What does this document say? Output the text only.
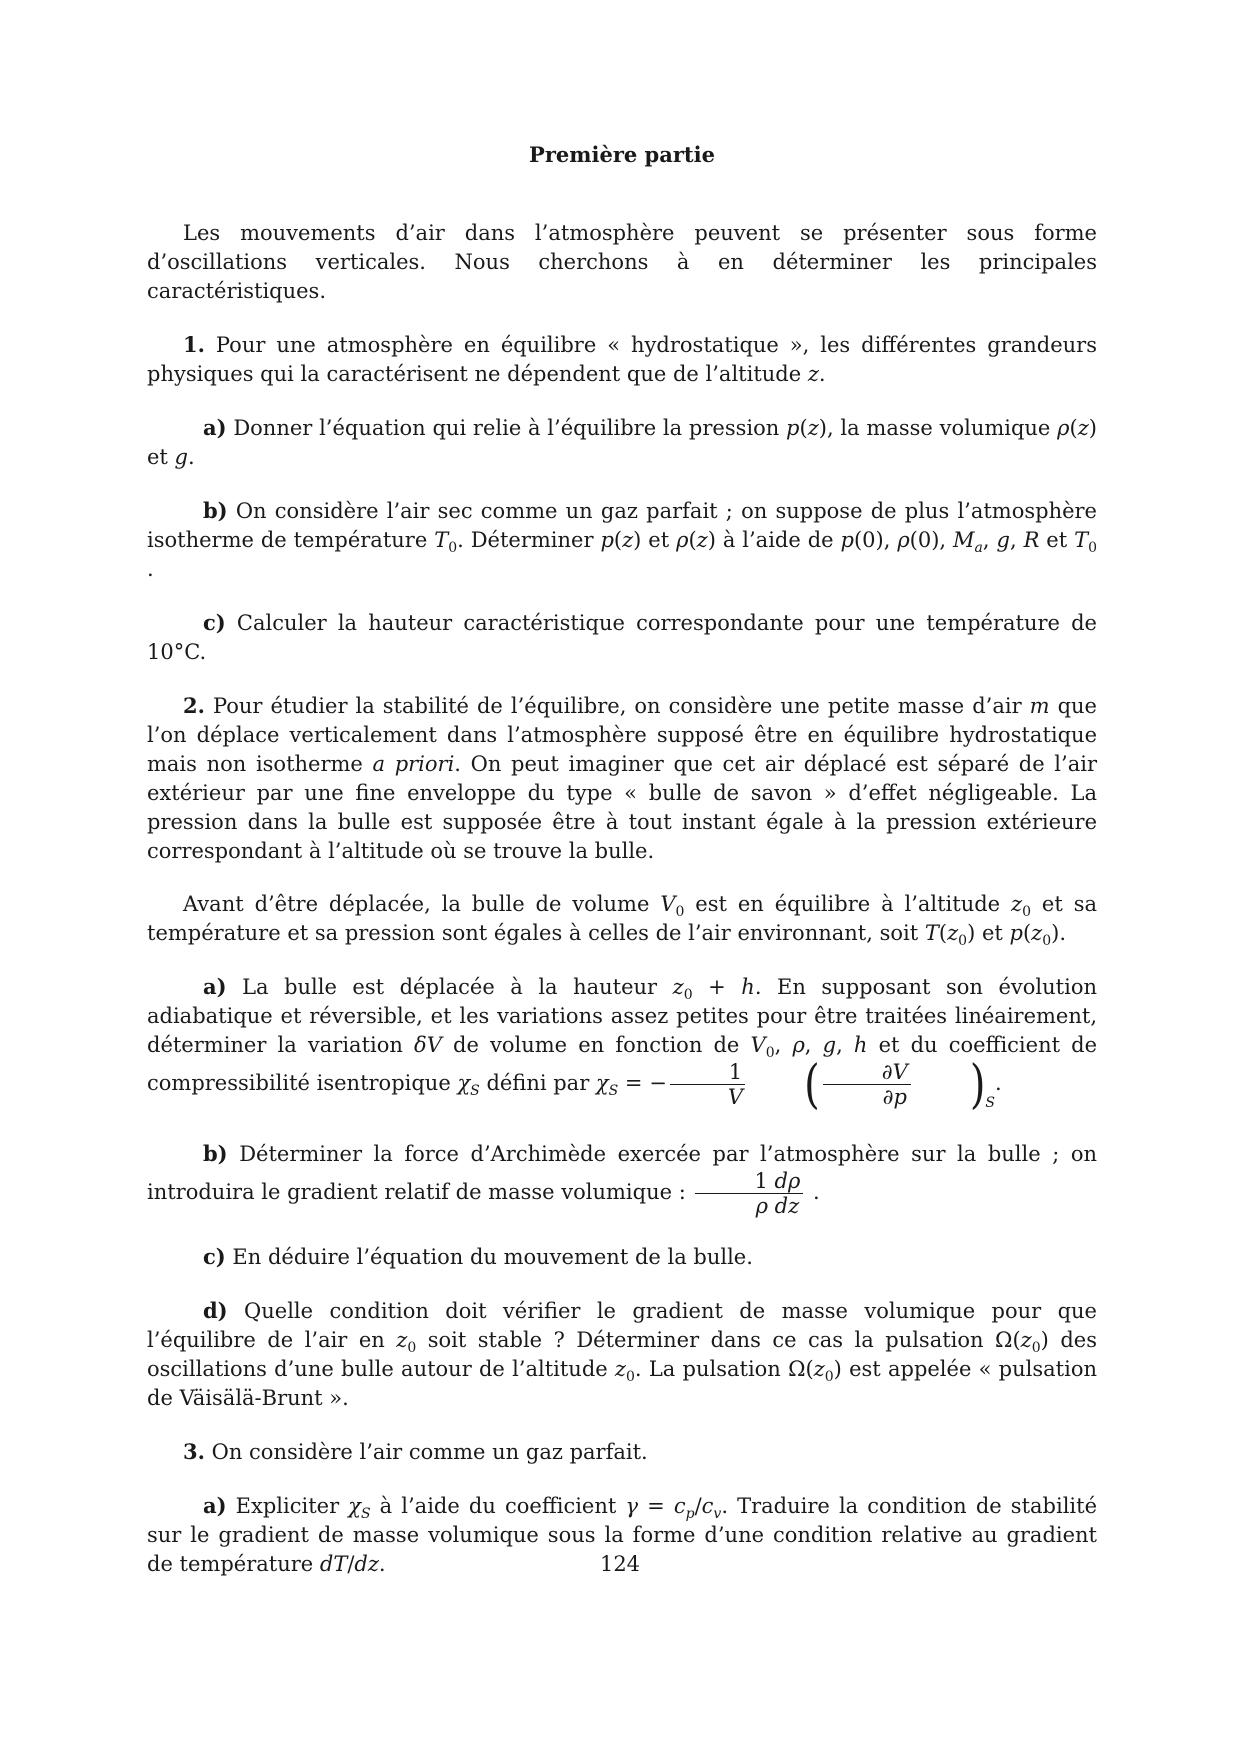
Première partie

Les mouvements d’air dans l’atmosphère peuvent se présenter sous forme d’oscillations verticales. Nous cherchons à en déterminer les principales caractéristiques.

1. Pour une atmosphère en équilibre « hydrostatique », les différentes grandeurs physiques qui la caractérisent ne dépendent que de l’altitude z.

a) Donner l’équation qui relie à l’équilibre la pression p(z), la masse volumique ρ(z) et g.

b) On considère l’air sec comme un gaz parfait ; on suppose de plus l’atmosphère isotherme de température $T_0$. Déterminer p(z) et ρ(z) à l’aide de p(0), ρ(0), $M_a$, g, R et $T_0$ .

c) Calculer la hauteur caractéristique correspondante pour une température de 10°C.

2. Pour étudier la stabilité de l’équilibre, on considère une petite masse d’air m que l’on déplace verticalement dans l’atmosphère supposé être en équilibre hydrostatique mais non isotherme a priori. On peut imaginer que cet air déplacé est séparé de l’air extérieur par une fine enveloppe du type « bulle de savon » d’effet négligeable. La pression dans la bulle est supposée être à tout instant égale à la pression extérieure correspondant à l’altitude où se trouve la bulle.

Avant d’être déplacée, la bulle de volume $V_0$ est en équilibre à l’altitude $z_0$ et sa température et sa pression sont égales à celles de l’air environnant, soit $T(z_0)$ et $p(z_0)$.

a) La bulle est déplacée à la hauteur $z_0 + h$. En supposant son évolution adiabatique et réversible, et les variations assez petites pour être traitées linéairement, déterminer la variation δV de volume en fonction de $V_0$, ρ, g, h et du coefficient de compressibilité isentropique $\chi_S$ défini par $\chi_S$ = − $\frac{1}{V}$ ( $\frac{\partial V}{\partial p} )_S$.

b) Déterminer la force d’Archimède exercée par l’atmosphère sur la bulle ; on introduira le gradient relatif de masse volumique : $\frac{1 d\rho}{\text{ρ dz}}$ .

c) En déduire l’équation du mouvement de la bulle.

d) Quelle condition doit vérifier le gradient de masse volumique pour que l’équilibre de l’air en $z_0$ soit stable ? Déterminer dans ce cas la pulsation $\Omega(z_0)$ des oscillations d’une bulle autour de l’altitude $z_0$. La pulsation $\Omega(z_0)$ est appelée « pulsation de Väisälä-Brunt ».

3. On considère l’air comme un gaz parfait.

a) Expliciter $\chi_S$ à l’aide du coefficient $\gamma = c_p/c_v$. Traduire la condition de stabilité sur le gradient de masse volumique sous la forme d’une condition relative au gradient de température dT/dz.	124
